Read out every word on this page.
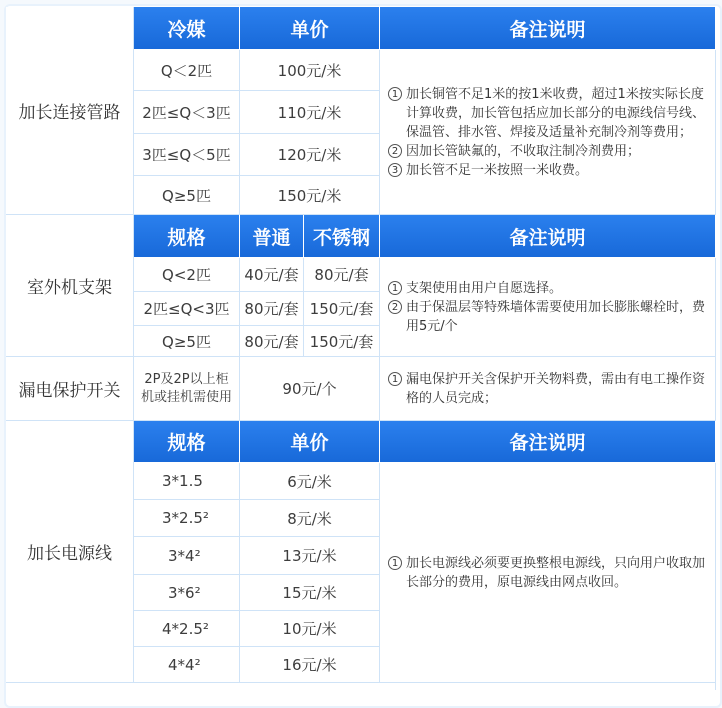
加长连接管路
冷媒	单价	备注说明
Q＜2匹	100元/米
2匹≤Q＜3匹	110元/米
3匹≤Q＜5匹	120元/米
Q≥5匹	150元/米
1 加长铜管不足1米的按1米收费，超过1米按实际长度计算收费，加长管包括应加长部分的电源线信号线、保温管、排水管、焊接及适量补充制冷剂等费用；
2 因加长管缺氟的，不收取注制冷剂费用；
3 加长管不足一米按照一米收费。
室外机支架
规格	普通	不锈钢	备注说明
Q<2匹	40元/套	80元/套
2匹≤Q<3匹 80元/套 150元/套
Q≥5匹	80元/套 150元/套
1 支架使用由用户自愿选择。
2 由于保温层等特殊墙体需要使用加长膨胀螺栓时，费用5元/个
漏电保护开关
2P及2P以上柜机或挂机需使用	90元/个
1 漏电保护开关含保护开关物料费，需由有电工操作资格的人员完成；
加长电源线
规格	单价	备注说明
3*1.5	6元/米
3*2.5²	8元/米
3*4²	13元/米
3*6²	15元/米
4*2.5²	10元/米
4*4²	16元/米
1 加长电源线必须要更换整根电源线，只向用户收取加长部分的费用，原电源线由网点收回。
